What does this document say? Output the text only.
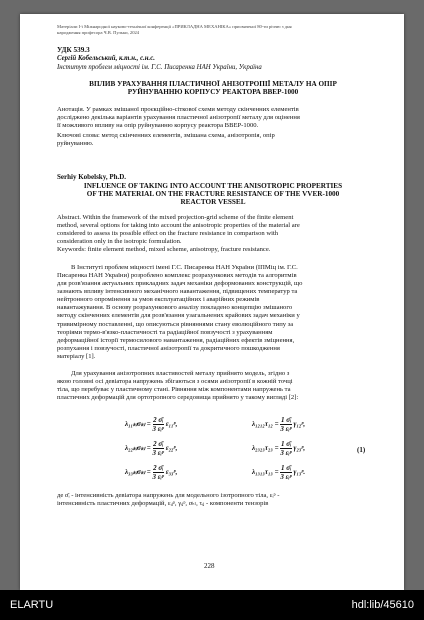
Матеріали І-ї Міжнародної науково-технічної конференції «ПРИКЛАДНА МЕХАНІКА» присвяченої 80-ти річчю з дня
народження професора Ч.В. Пульки, 2024
УДК 539.3
Сергій Кобельський, к.т.н., с.н.с.
Інститут проблем міцності ім. Г.С. Писаренка НАН України, Україна
ВПЛИВ УРАХУВАННЯ ПЛАСТИЧНОЇ АНІЗОТРОПІЇ МЕТАЛУ НА ОПІР
РУЙНУВАННЮ КОРПУСУ РЕАКТОРА ВВЕР-1000
Анотація. У рамках змішаної проєкційно-сіткової схеми методу скінченних елементів
досліджено декілька варіантів урахування пластичної анізотропії металу для оцінення
її можливого впливу на опір руйнуванню корпусу реактора ВВЕР-1000.
Ключові слова: метод скінченних елементів, змішана схема, анізотропія, опір
руйнуванню.
Serhiy Kobelsky, Ph.D.
INFLUENCE OF TAKING INTO ACCOUNT THE ANISOTROPIC PROPERTIES
OF THE MATERIAL ON THE FRACTURE RESISTANCE OF THE VVER-1000
REACTOR VESSEL
Abstract. Within the framework of the mixed projection-grid scheme of the finite element
method, several options for taking into account the anisotropic properties of the material are
considered to assess its possible effect on the fracture resistance in comparison with
consideration only in the isotropic formulation.
Keywords: finite element method, mixed scheme, anisotropy, fracture resistance.
В Інституті проблем міцності імені Г.С. Писаренка НАН України (ІПМіц ім. Г.С.
Писаренка НАН України) розроблено комплекс розрахункових методів та алгоритмів
для розв'язання актуальних прикладних задач механіки деформованих конструкцій, що
зазнають впливу інтенсивного механічного навантаження, підвищених температур та
нейтронного опромінення за умов експлуатаційних і аварійних режимів
навантажування. В основу розрахункового аналізу покладено концепцію змішаного
методу скінченних елементів для розв'язання узагальнених крайових задач механіки у
тривимірному поставленні, що описуються рівняннями стану еволюційного типу за
теоріями термо-в'язко-пластичності та радіаційної повзучості з урахуванням
деформаційної історії термосилового навантаження, радіаційних ефектів зміцнення,
розпухання і повзучості, пластичної анізотропії та докритичного пошкодження
матеріалу [1].
Для урахування анізотропних властивостей металу прийнято модель, згідно з
якою головні осі девіатора напружень збігаються з осями анізотропії в кожній точці
тіла, що перебуває у пластичному стані. Рівняння між компонентами напружень та
пластичних деформацій для ортотропного середовища прийнято у такому вигляді [2]:
λ₁₁ₖₗσₖₗ =
2 σ̄ᵢ
3 εᵢᵖ
ε₁₁ᵖ,	λ₁₂₁₂τ₁₂ =
1 σ̄ᵢ
3 εᵢᵖ
γ₁₂ᵖ,
λ₂₂ₖₗσₖₗ =
2 σ̄ᵢ
3 εᵢᵖ
ε₂₂ᵖ,	λ₂₃₂₃τ₂₃ =
1 σ̄ᵢ
3 εᵢᵖ
γ₂₃ᵖ,	(1)
λ₃₃ₖₗσₖₗ =
2 σ̄ᵢ
3 εᵢᵖ
ε₃₃ᵖ,	λ₁₃₁₃τ₁₃ =
1 σ̄ᵢ
3 εᵢᵖ
γ₁₃ᵖ.
де σ̄ᵢ - інтенсивність девіатора напружень для модельного ізотропного тіла, εᵢᵖ -
інтенсивність пластичних деформацій, εᵢⱼᵖ, γᵢⱼᵖ, σₖₗ, τᵢⱼ - компоненти тензорів
228
ELARTU	hdl:lib/45610
